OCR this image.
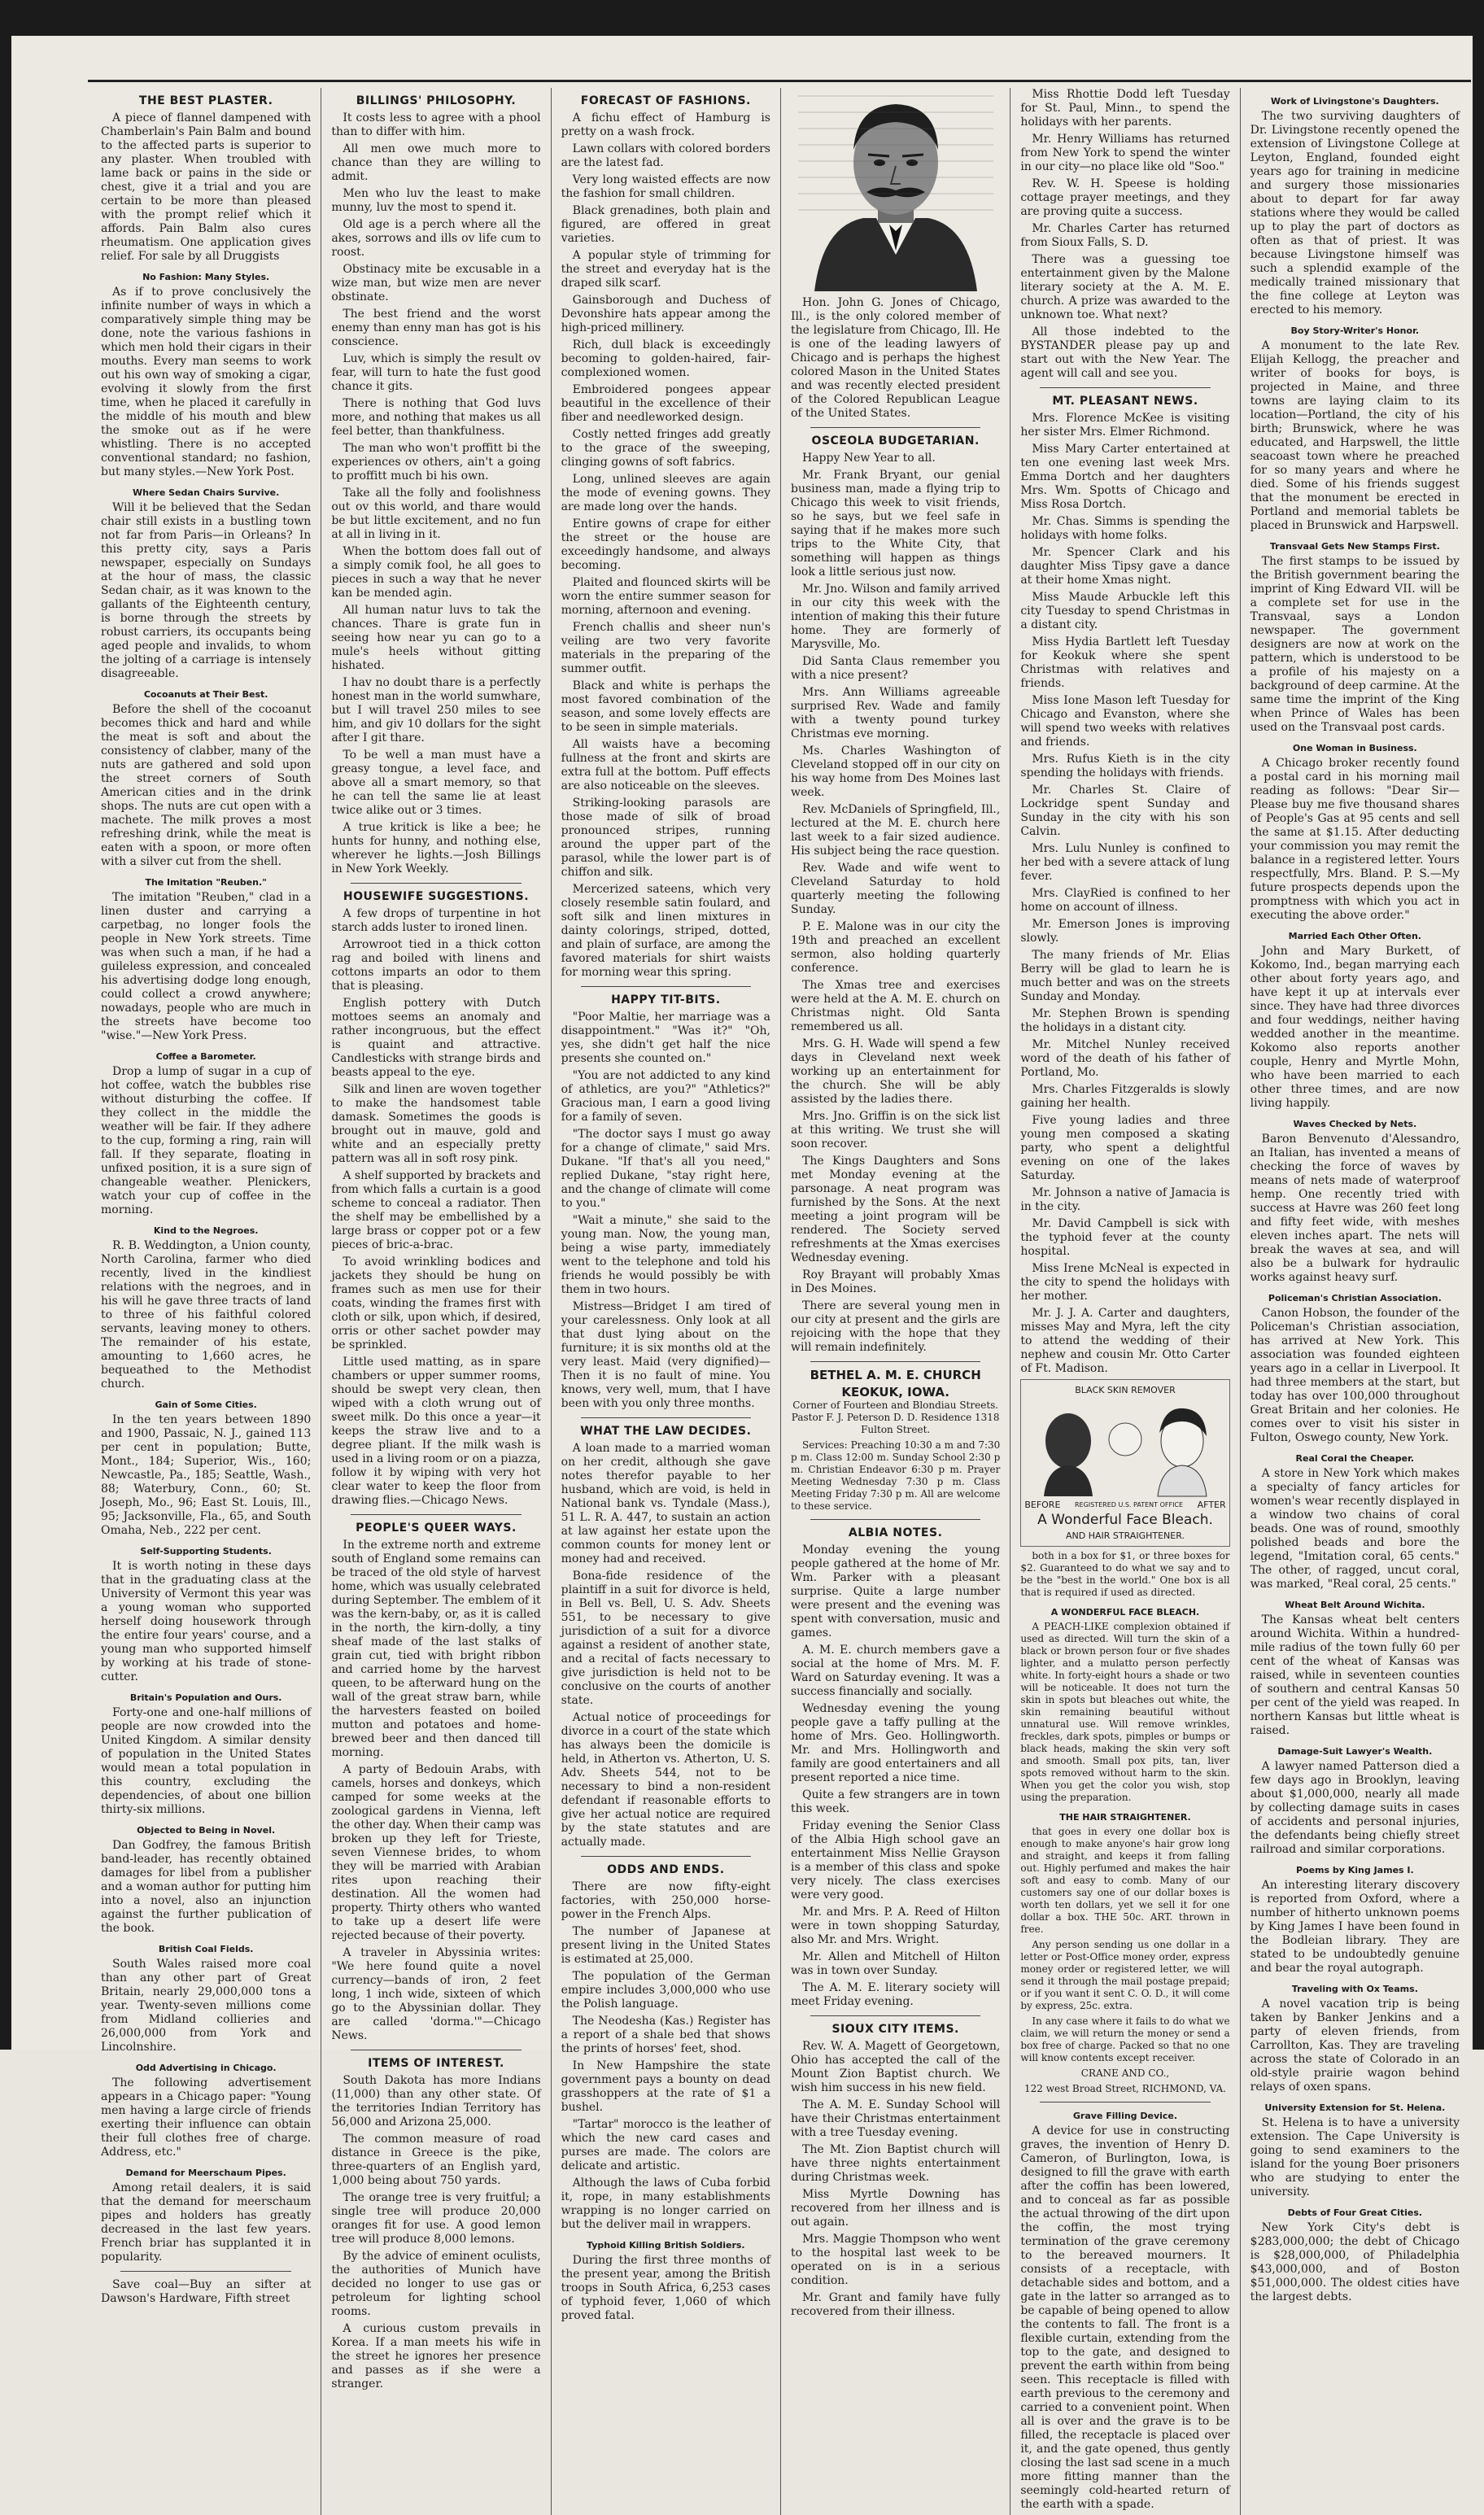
THE BEST PLASTER.

A piece of flannel dampened with Chamberlain's Pain Balm and bound to the affected parts is superior to any plaster. When troubled with lame back or pains in the side or chest, give it a trial and you are certain to be more than pleased with the prompt relief which it affords. Pain Balm also cures rheumatism. One application gives relief. For sale by all Druggists

No Fashion: Many Styles.

As if to prove conclusively the infinite number of ways in which a comparatively simple thing may be done, note the various fashions in which men hold their cigars in their mouths. Every man seems to work out his own way of smoking a cigar, evolving it slowly from the first time, when he placed it carefully in the middle of his mouth and blew the smoke out as if he were whistling. There is no accepted conventional standard; no fashion, but many styles.—New York Post.

Where Sedan Chairs Survive.

Will it be believed that the Sedan chair still exists in a bustling town not far from Paris—in Orleans? In this pretty city, says a Paris newspaper, especially on Sundays at the hour of mass, the classic Sedan chair, as it was known to the gallants of the Eighteenth century, is borne through the streets by robust carriers, its occupants being aged people and invalids, to whom the jolting of a carriage is intensely disagreeable.

Cocoanuts at Their Best.

Before the shell of the cocoanut becomes thick and hard and while the meat is soft and about the consistency of clabber, many of the nuts are gathered and sold upon the street corners of South American cities and in the drink shops. The nuts are cut open with a machete. The milk proves a most refreshing drink, while the meat is eaten with a spoon, or more often with a silver cut from the shell.

The Imitation "Reuben."

The imitation "Reuben," clad in a linen duster and carrying a carpetbag, no longer fools the people in New York streets. Time was when such a man, if he had a guileless expression, and concealed his advertising dodge long enough, could collect a crowd anywhere; nowadays, people who are much in the streets have become too "wise."—New York Press.

Coffee a Barometer.

Drop a lump of sugar in a cup of hot coffee, watch the bubbles rise without disturbing the coffee. If they collect in the middle the weather will be fair. If they adhere to the cup, forming a ring, rain will fall. If they separate, floating in unfixed position, it is a sure sign of changeable weather. Plenickers, watch your cup of coffee in the morning.

Kind to the Negroes.

R. B. Weddington, a Union county, North Carolina, farmer who died recently, lived in the kindliest relations with the negroes, and in his will he gave three tracts of land to three of his faithful colored servants, leaving money to others. The remainder of his estate, amounting to 1,660 acres, he bequeathed to the Methodist church.

Gain of Some Cities.

In the ten years between 1890 and 1900, Passaic, N. J., gained 113 per cent in population; Butte, Mont., 184; Superior, Wis., 160; Newcastle, Pa., 185; Seattle, Wash., 88; Waterbury, Conn., 60; St. Joseph, Mo., 96; East St. Louis, Ill., 95; Jacksonville, Fla., 65, and South Omaha, Neb., 222 per cent.

Self-Supporting Students.

It is worth noting in these days that in the graduating class at the University of Vermont this year was a young woman who supported herself doing housework through the entire four years' course, and a young man who supported himself by working at his trade of stone-cutter.

Britain's Population and Ours.

Forty-one and one-half millions of people are now crowded into the United Kingdom. A similar density of population in the United States would mean a total population in this country, excluding the dependencies, of about one billion thirty-six millions.

Objected to Being in Novel.

Dan Godfrey, the famous British band-leader, has recently obtained damages for libel from a publisher and a woman author for putting him into a novel, also an injunction against the further publication of the book.

British Coal Fields.

South Wales raised more coal than any other part of Great Britain, nearly 29,000,000 tons a year. Twenty-seven millions come from Midland collieries and 26,000,000 from York and Lincolnshire.

Odd Advertising in Chicago.

The following advertisement appears in a Chicago paper: "Young men having a large circle of friends exerting their influence can obtain their full clothes free of charge. Address, etc."

Demand for Meerschaum Pipes.

Among retail dealers, it is said that the demand for meerschaum pipes and holders has greatly decreased in the last few years. French briar has supplanted it in popularity.

Save coal—Buy an sifter at Dawson's Hardware, Fifth street

BILLINGS' PHILOSOPHY.

It costs less to agree with a phool than to differ with him.

All men owe much more to chance than they are willing to admit.

Men who luv the least to make munny, luv the most to spend it.

Old age is a perch where all the akes, sorrows and ills ov life cum to roost.

Obstinacy mite be excusable in a wize man, but wize men are never obstinate.

The best friend and the worst enemy than enny man has got is his conscience.

Luv, which is simply the result ov fear, will turn to hate the fust good chance it gits.

There is nothing that God luvs more, and nothing that makes us all feel better, than thankfulness.

The man who won't proffitt bi the experiences ov others, ain't a going to proffitt much bi his own.

Take all the folly and foolishness out ov this world, and thare would be but little excitement, and no fun at all in living in it.

When the bottom does fall out of a simply comik fool, he all goes to pieces in such a way that he never kan be mended agin.

All human natur luvs to tak the chances. Thare is grate fun in seeing how near yu can go to a mule's heels without gitting hishated.

I hav no doubt thare is a perfectly honest man in the world sumwhare, but I will travel 250 miles to see him, and giv 10 dollars for the sight after I git thare.

To be well a man must have a greasy tongue, a level face, and above all a smart memory, so that he can tell the same lie at least twice alike out or 3 times.

A true kritick is like a bee; he hunts for hunny, and nothing else, wherever he lights.—Josh Billings in New York Weekly.

HOUSEWIFE SUGGESTIONS.

A few drops of turpentine in hot starch adds luster to ironed linen.

Arrowroot tied in a thick cotton rag and boiled with linens and cottons imparts an odor to them that is pleasing.

English pottery with Dutch mottoes seems an anomaly and rather incongruous, but the effect is quaint and attractive. Candlesticks with strange birds and beasts appeal to the eye.

Silk and linen are woven together to make the handsomest table damask. Sometimes the goods is brought out in mauve, gold and white and an especially pretty pattern was all in soft rosy pink.

A shelf supported by brackets and from which falls a curtain is a good scheme to conceal a radiator. Then the shelf may be embellished by a large brass or copper pot or a few pieces of bric-a-brac.

To avoid wrinkling bodices and jackets they should be hung on frames such as men use for their coats, winding the frames first with cloth or silk, upon which, if desired, orris or other sachet powder may be sprinkled.

Little used matting, as in spare chambers or upper summer rooms, should be swept very clean, then wiped with a cloth wrung out of sweet milk. Do this once a year—it keeps the straw live and to a degree pliant. If the milk wash is used in a living room or on a piazza, follow it by wiping with very hot clear water to keep the floor from drawing flies.—Chicago News.

PEOPLE'S QUEER WAYS.

In the extreme north and extreme south of England some remains can be traced of the old style of harvest home, which was usually celebrated during September. The emblem of it was the kern-baby, or, as it is called in the north, the kirn-dolly, a tiny sheaf made of the last stalks of grain cut, tied with bright ribbon and carried home by the harvest queen, to be afterward hung on the wall of the great straw barn, while the harvesters feasted on boiled mutton and potatoes and home-brewed beer and then danced till morning.

A party of Bedouin Arabs, with camels, horses and donkeys, which camped for some weeks at the zoological gardens in Vienna, left the other day. When their camp was broken up they left for Trieste, seven Viennese brides, to whom they will be married with Arabian rites upon reaching their destination. All the women had property. Thirty others who wanted to take up a desert life were rejected because of their poverty.

A traveler in Abyssinia writes: "We here found quite a novel currency—bands of iron, 2 feet long, 1 inch wide, sixteen of which go to the Abyssinian dollar. They are called 'dorma.'"—Chicago News.

ITEMS OF INTEREST.

South Dakota has more Indians (11,000) than any other state. Of the territories Indian Territory has 56,000 and Arizona 25,000.

The common measure of road distance in Greece is the pike, three-quarters of an English yard, 1,000 being about 750 yards.

The orange tree is very fruitful; a single tree will produce 20,000 oranges fit for use. A good lemon tree will produce 8,000 lemons.

By the advice of eminent oculists, the authorities of Munich have decided no longer to use gas or petroleum for lighting school rooms.

A curious custom prevails in Korea. If a man meets his wife in the street he ignores her presence and passes as if she were a stranger.

FORECAST OF FASHIONS.

A fichu effect of Hamburg is pretty on a wash frock.

Lawn collars with colored borders are the latest fad.

Very long waisted effects are now the fashion for small children.

Black grenadines, both plain and figured, are offered in great varieties.

A popular style of trimming for the street and everyday hat is the draped silk scarf.

Gainsborough and Duchess of Devonshire hats appear among the high-priced millinery.

Rich, dull black is exceedingly becoming to golden-haired, fair-complexioned women.

Embroidered pongees appear beautiful in the excellence of their fiber and needleworked design.

Costly netted fringes add greatly to the grace of the sweeping, clinging gowns of soft fabrics.

Long, unlined sleeves are again the mode of evening gowns. They are made long over the hands.

Entire gowns of crape for either the street or the house are exceedingly handsome, and always becoming.

Plaited and flounced skirts will be worn the entire summer season for morning, afternoon and evening.

French challis and sheer nun's veiling are two very favorite materials in the preparing of the summer outfit.

Black and white is perhaps the most favored combination of the season, and some lovely effects are to be seen in simple materials.

All waists have a becoming fullness at the front and skirts are extra full at the bottom. Puff effects are also noticeable on the sleeves.

Striking-looking parasols are those made of silk of broad pronounced stripes, running around the upper part of the parasol, while the lower part is of chiffon and silk.

Mercerized sateens, which very closely resemble satin foulard, and soft silk and linen mixtures in dainty colorings, striped, dotted, and plain of surface, are among the favored materials for shirt waists for morning wear this spring.

HAPPY TIT-BITS.

"Poor Maltie, her marriage was a disappointment." "Was it?" "Oh, yes, she didn't get half the nice presents she counted on."

"You are not addicted to any kind of athletics, are you?" "Athletics?" Gracious man, I earn a good living for a family of seven.

"The doctor says I must go away for a change of climate," said Mrs. Dukane. "If that's all you need," replied Dukane, "stay right here, and the change of climate will come to you."

"Wait a minute," she said to the young man. Now, the young man, being a wise party, immediately went to the telephone and told his friends he would possibly be with them in two hours.

Mistress—Bridget I am tired of your carelessness. Only look at all that dust lying about on the furniture; it is six months old at the very least. Maid (very dignified)—Then it is no fault of mine. You knows, very well, mum, that I have been with you only three months.

WHAT THE LAW DECIDES.

A loan made to a married woman on her credit, although she gave notes therefor payable to her husband, which are void, is held in National bank vs. Tyndale (Mass.), 51 L. R. A. 447, to sustain an action at law against her estate upon the common counts for money lent or money had and received.

Bona-fide residence of the plaintiff in a suit for divorce is held, in Bell vs. Bell, U. S. Adv. Sheets 551, to be necessary to give jurisdiction of a suit for a divorce against a resident of another state, and a recital of facts necessary to give jurisdiction is held not to be conclusive on the courts of another state.

Actual notice of proceedings for divorce in a court of the state which has always been the domicile is held, in Atherton vs. Atherton, U. S. Adv. Sheets 544, not to be necessary to bind a non-resident defendant if reasonable efforts to give her actual notice are required by the state statutes and are actually made.

ODDS AND ENDS.

There are now fifty-eight factories, with 250,000 horse-power in the French Alps.

The number of Japanese at present living in the United States is estimated at 25,000.

The population of the German empire includes 3,000,000 who use the Polish language.

The Neodesha (Kas.) Register has a report of a shale bed that shows the prints of horses' feet, shod.

In New Hampshire the state government pays a bounty on dead grasshoppers at the rate of $1 a bushel.

"Tartar" morocco is the leather of which the new card cases and purses are made. The colors are delicate and artistic.

Although the laws of Cuba forbid it, rope, in many establishments wrapping is no longer carried on but the deliver mail in wrappers.

Typhoid Killing British Soldiers.

During the first three months of the present year, among the British troops in South Africa, 6,253 cases of typhoid fever, 1,060 of which proved fatal.

Hon. John G. Jones of Chicago, Ill., is the only colored member of the legislature from Chicago, Ill. He is one of the leading lawyers of Chicago and is perhaps the highest colored Mason in the United States and was recently elected president of the Colored Republican League of the United States.

OSCEOLA BUDGETARIAN.

Happy New Year to all.

Mr. Frank Bryant, our genial business man, made a flying trip to Chicago this week to visit friends, so he says, but we feel safe in saying that if he makes more such trips to the White City, that something will happen as things look a little serious just now.

Mr. Jno. Wilson and family arrived in our city this week with the intention of making this their future home. They are formerly of Marysville, Mo.

Did Santa Claus remember you with a nice present?

Mrs. Ann Williams agreeable surprised Rev. Wade and family with a twenty pound turkey Christmas eve morning.

Ms. Charles Washington of Cleveland stopped off in our city on his way home from Des Moines last week.

Rev. McDaniels of Springfield, Ill., lectured at the M. E. church here last week to a fair sized audience. His subject being the race question.

Rev. Wade and wife went to Cleveland Saturday to hold quarterly meeting the following Sunday.

P. E. Malone was in our city the 19th and preached an excellent sermon, also holding quarterly conference.

The Xmas tree and exercises were held at the A. M. E. church on Christmas night. Old Santa remembered us all.

Mrs. G. H. Wade will spend a few days in Cleveland next week working up an entertainment for the church. She will be ably assisted by the ladies there.

Mrs. Jno. Griffin is on the sick list at this writing. We trust she will soon recover.

The Kings Daughters and Sons met Monday evening at the parsonage. A neat program was furnished by the Sons. At the next meeting a joint program will be rendered. The Society served refreshments at the Xmas exercises Wednesday evening.

Roy Brayant will probably Xmas in Des Moines.

There are several young men in our city at present and the girls are rejoicing with the hope that they will remain indefinitely.

BETHEL A. M. E. CHURCH
KEOKUK, IOWA.

Corner of Fourteen and Blondiau Streets. Pastor F. J. Peterson D. D. Residence 1318 Fulton Street.

Services: Preaching 10:30 a m and 7:30 p m. Class 12:00 m. Sunday School 2:30 p m. Christian Endeavor 6:30 p m. Prayer Meeting Wednesday 7:30 p m. Class Meeting Friday 7:30 p m. All are welcome to these service.

ALBIA NOTES.

Monday evening the young people gathered at the home of Mr. Wm. Parker with a pleasant surprise. Quite a large number were present and the evening was spent with conversation, music and games.

A. M. E. church members gave a social at the home of Mrs. M. F. Ward on Saturday evening. It was a success financially and socially.

Wednesday evening the young people gave a taffy pulling at the home of Mrs. Geo. Hollingworth. Mr. and Mrs. Hollingworth and family are good entertainers and all present reported a nice time.

Quite a few strangers are in town this week.

Friday evening the Senior Class of the Albia High school gave an entertainment Miss Nellie Grayson is a member of this class and spoke very nicely. The class exercises were very good.

Mr. and Mrs. P. A. Reed of Hilton were in town shopping Saturday, also Mr. and Mrs. Wright.

Mr. Allen and Mitchell of Hilton was in town over Sunday.

The A. M. E. literary society will meet Friday evening.

SIOUX CITY ITEMS.

Rev. W. A. Magett of Georgetown, Ohio has accepted the call of the Mount Zion Baptist church. We wish him success in his new field.

The A. M. E. Sunday School will have their Christmas entertainment with a tree Tuesday evening.

The Mt. Zion Baptist church will have three nights entertainment during Christmas week.

Miss Myrtle Downing has recovered from her illness and is out again.

Mrs. Maggie Thompson who went to the hospital last week to be operated on is in a serious condition.

Mr. Grant and family have fully recovered from their illness.

Miss Rhottie Dodd left Tuesday for St. Paul, Minn., to spend the holidays with her parents.

Mr. Henry Williams has returned from New York to spend the winter in our city—no place like old "Soo."

Rev. W. H. Speese is holding cottage prayer meetings, and they are proving quite a success.

Mr. Charles Carter has returned from Sioux Falls, S. D.

There was a guessing toe entertainment given by the Malone literary society at the A. M. E. church. A prize was awarded to the unknown toe. What next?

All those indebted to the BYSTANDER please pay up and start out with the New Year. The agent will call and see you.

MT. PLEASANT NEWS.

Mrs. Florence McKee is visiting her sister Mrs. Elmer Richmond.

Miss Mary Carter entertained at ten one evening last week Mrs. Emma Dortch and her daughters Mrs. Wm. Spotts of Chicago and Miss Rosa Dortch.

Mr. Chas. Simms is spending the holidays with home folks.

Mr. Spencer Clark and his daughter Miss Tipsy gave a dance at their home Xmas night.

Miss Maude Arbuckle left this city Tuesday to spend Christmas in a distant city.

Miss Hydia Bartlett left Tuesday for Keokuk where she spent Christmas with relatives and friends.

Miss Ione Mason left Tuesday for Chicago and Evanston, where she will spend two weeks with relatives and friends.

Mrs. Rufus Kieth is in the city spending the holidays with friends.

Mr. Charles St. Claire of Lockridge spent Sunday and Sunday in the city with his son Calvin.

Mrs. Lulu Nunley is confined to her bed with a severe attack of lung fever.

Mrs. ClayRied is confined to her home on account of illness.

Mr. Emerson Jones is improving slowly.

The many friends of Mr. Elias Berry will be glad to learn he is much better and was on the streets Sunday and Monday.

Mr. Stephen Brown is spending the holidays in a distant city.

Mr. Mitchel Nunley received word of the death of his father of Portland, Mo.

Mrs. Charles Fitzgeralds is slowly gaining her health.

Five young ladies and three young men composed a skating party, who spent a delightful evening on one of the lakes Saturday.

Mr. Johnson a native of Jamacia is in the city.

Mr. David Campbell is sick with the typhoid fever at the county hospital.

Miss Irene McNeal is expected in the city to spend the holidays with her mother.

Mr. J. J. A. Carter and daughters, misses May and Myra, left the city to attend the wedding of their nephew and cousin Mr. Otto Carter of Ft. Madison.

BLACK SKIN REMOVER
BEFORE REGISTERED U.S. PATENT OFFICE AFTER
A Wonderful Face Bleach.
AND HAIR STRAIGHTENER.

both in a box for $1, or three boxes for $2. Guaranteed to do what we say and to be the "best in the world." One box is all that is required if used as directed.

A WONDERFUL FACE BLEACH.

A PEACH-LIKE complexion obtained if used as directed. Will turn the skin of a black or brown person four or five shades lighter, and a mulatto person perfectly white. In forty-eight hours a shade or two will be noticeable. It does not turn the skin in spots but bleaches out white, the skin remaining beautiful without unnatural use. Will remove wrinkles, freckles, dark spots, pimples or bumps or black heads, making the skin very soft and smooth. Small pox pits, tan, liver spots removed without harm to the skin. When you get the color you wish, stop using the preparation.

THE HAIR STRAIGHTENER.

that goes in every one dollar box is enough to make anyone's hair grow long and straight, and keeps it from falling out. Highly perfumed and makes the hair soft and easy to comb. Many of our customers say one of our dollar boxes is worth ten dollars, yet we sell it for one dollar a box. THE 50c. ART. thrown in free.

Any person sending us one dollar in a letter or Post-Office money order, express money order or registered letter, we will send it through the mail postage prepaid; or if you want it sent C. O. D., it will come by express, 25c. extra.

In any case where it fails to do what we claim, we will return the money or send a box free of charge. Packed so that no one will know contents except receiver.

CRANE AND CO.,

122 west Broad Street, RICHMOND, VA.

Grave Filling Device.

A device for use in constructing graves, the invention of Henry D. Cameron, of Burlington, Iowa, is designed to fill the grave with earth after the coffin has been lowered, and to conceal as far as possible the actual throwing of the dirt upon the coffin, the most trying termination of the grave ceremony to the bereaved mourners. It consists of a receptacle, with detachable sides and bottom, and a gate in the latter so arranged as to be capable of being opened to allow the contents to fall. The front is a flexible curtain, extending from the top to the gate, and designed to prevent the earth within from being seen. This receptacle is filled with earth previous to the ceremony and carried to a convenient point. When all is over and the grave is to be filled, the receptacle is placed over it, and the gate opened, thus gently closing the last sad scene in a much more fitting manner than the seemingly cold-hearted return of the earth with a spade.

Work of Livingstone's Daughters.

The two surviving daughters of Dr. Livingstone recently opened the extension of Livingstone College at Leyton, England, founded eight years ago for training in medicine and surgery those missionaries about to depart for far away stations where they would be called up to play the part of doctors as often as that of priest. It was because Livingstone himself was such a splendid example of the medically trained missionary that the fine college at Leyton was erected to his memory.

Boy Story-Writer's Honor.

A monument to the late Rev. Elijah Kellogg, the preacher and writer of books for boys, is projected in Maine, and three towns are laying claim to its location—Portland, the city of his birth; Brunswick, where he was educated, and Harpswell, the little seacoast town where he preached for so many years and where he died. Some of his friends suggest that the monument be erected in Portland and memorial tablets be placed in Brunswick and Harpswell.

Transvaal Gets New Stamps First.

The first stamps to be issued by the British government bearing the imprint of King Edward VII. will be a complete set for use in the Transvaal, says a London newspaper. The government designers are now at work on the pattern, which is understood to be a profile of his majesty on a background of deep carmine. At the same time the imprint of the King when Prince of Wales has been used on the Transvaal post cards.

One Woman in Business.

A Chicago broker recently found a postal card in his morning mail reading as follows: "Dear Sir—Please buy me five thousand shares of People's Gas at 95 cents and sell the same at $1.15. After deducting your commission you may remit the balance in a registered letter. Yours respectfully, Mrs. Bland. P. S.—My future prospects depends upon the promptness with which you act in executing the above order."

Married Each Other Often.

John and Mary Burkett, of Kokomo, Ind., began marrying each other about forty years ago, and have kept it up at intervals ever since. They have had three divorces and four weddings, neither having wedded another in the meantime. Kokomo also reports another couple, Henry and Myrtle Mohn, who have been married to each other three times, and are now living happily.

Waves Checked by Nets.

Baron Benvenuto d'Alessandro, an Italian, has invented a means of checking the force of waves by means of nets made of waterproof hemp. One recently tried with success at Havre was 260 feet long and fifty feet wide, with meshes eleven inches apart. The nets will break the waves at sea, and will also be a bulwark for hydraulic works against heavy surf.

Policeman's Christian Association.

Canon Hobson, the founder of the Policeman's Christian association, has arrived at New York. This association was founded eighteen years ago in a cellar in Liverpool. It had three members at the start, but today has over 100,000 throughout Great Britain and her colonies. He comes over to visit his sister in Fulton, Oswego county, New York.

Real Coral the Cheaper.

A store in New York which makes a specialty of fancy articles for women's wear recently displayed in a window two chains of coral beads. One was of round, smoothly polished beads and bore the legend, "Imitation coral, 65 cents." The other, of ragged, uncut coral, was marked, "Real coral, 25 cents."

Wheat Belt Around Wichita.

The Kansas wheat belt centers around Wichita. Within a hundred-mile radius of the town fully 60 per cent of the wheat of Kansas was raised, while in seventeen counties of southern and central Kansas 50 per cent of the yield was reaped. In northern Kansas but little wheat is raised.

Damage-Suit Lawyer's Wealth.

A lawyer named Patterson died a few days ago in Brooklyn, leaving about $1,000,000, nearly all made by collecting damage suits in cases of accidents and personal injuries, the defendants being chiefly street railroad and similar corporations.

Poems by King James I.

An interesting literary discovery is reported from Oxford, where a number of hitherto unknown poems by King James I have been found in the Bodleian library. They are stated to be undoubtedly genuine and bear the royal autograph.

Traveling with Ox Teams.

A novel vacation trip is being taken by Banker Jenkins and a party of eleven friends, from Carrollton, Kas. They are traveling across the state of Colorado in an old-style prairie wagon behind relays of oxen spans.

University Extension for St. Helena.

St. Helena is to have a university extension. The Cape University is going to send examiners to the island for the young Boer prisoners who are studying to enter the university.

Debts of Four Great Cities.

New York City's debt is $283,000,000; the debt of Chicago is $28,000,000, of Philadelphia $43,000,000, and of Boston $51,000,000. The oldest cities have the largest debts.
